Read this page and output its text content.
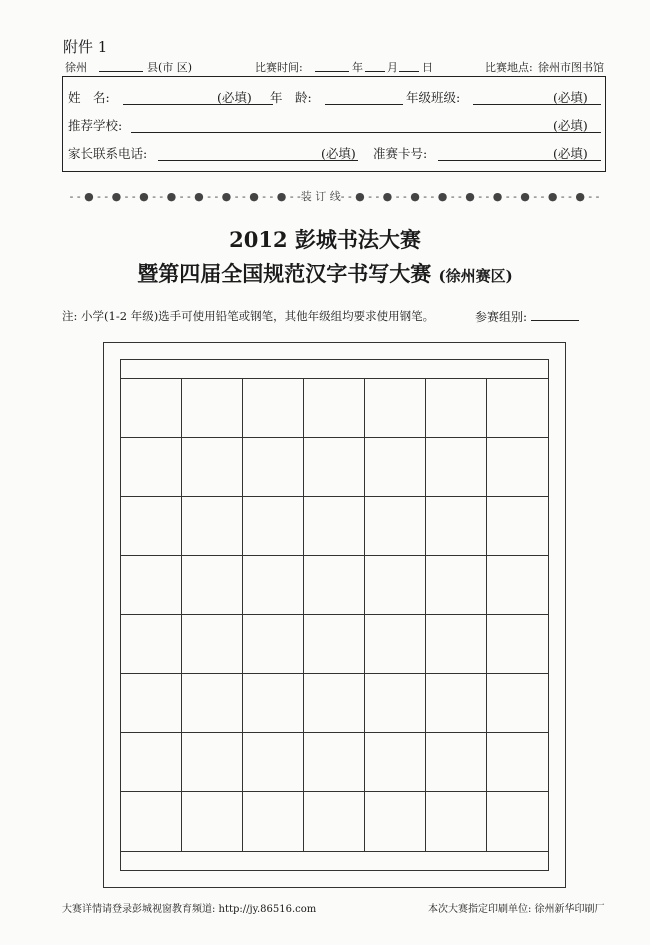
附件 1
徐州	县(市 区)	比赛时间:	年 月 日	比赛地点: 徐州市图书馆
姓　名:	(必填) 年　龄:	年级班级:	(必填)
推荐学校:	(必填)
家长联系电话:	(必填) 准赛卡号:	(必填)
- - ● - - ● - - ● - - ● - - ● - - ● - - ● - - ● - -装 订 线- - ● - - ● - - ● - - ● - - ● - - ● - - ● - - ● - - ● - -
2012 彭城书法大赛
暨第四届全国规范汉字书写大赛 (徐州赛区)
注: 小学(1-2 年级)选手可使用铅笔或钢笔，其他年级组均要求使用钢笔。	参赛组别:
大赛详情请登录彭城视窗教育频道: http://jy.86516.com	本次大赛指定印刷单位: 徐州新华印刷厂
